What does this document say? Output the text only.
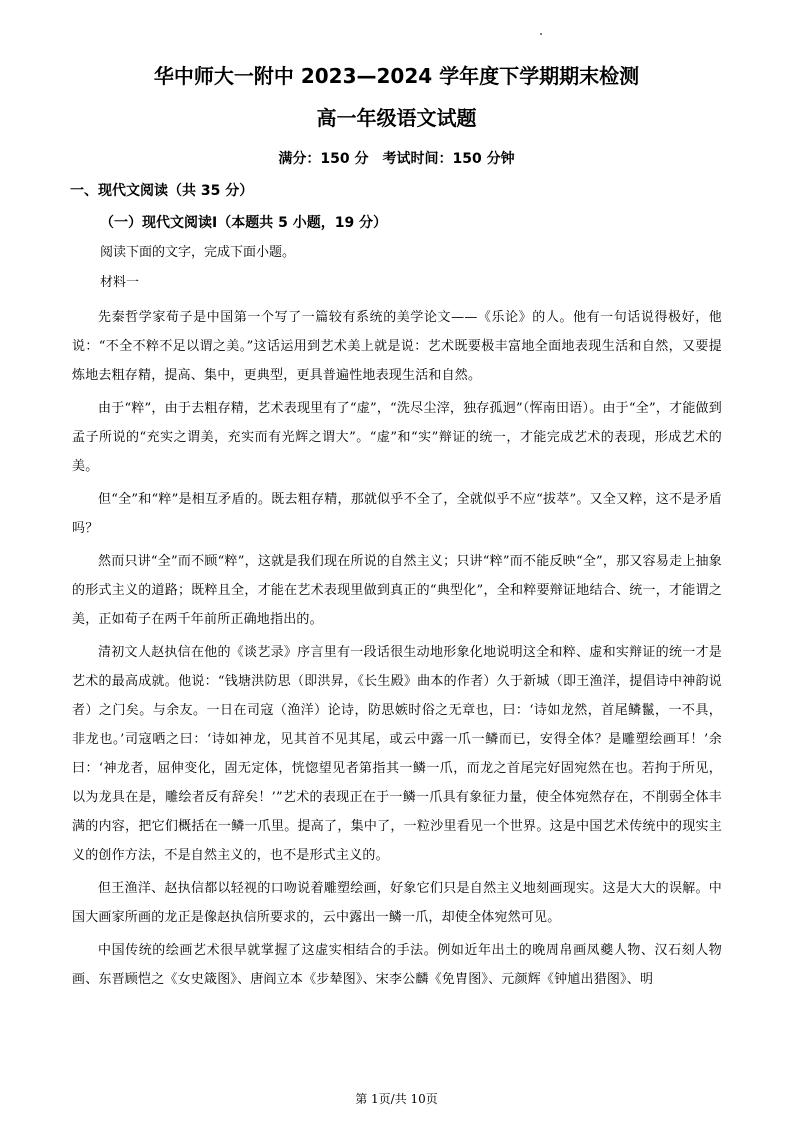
华中师大一附中 2023—2024 学年度下学期期末检测
高一年级语文试题

满分：150 分　考试时间：150 分钟

一、现代文阅读（共 35 分）

（一）现代文阅读Ⅰ（本题共 5 小题，19 分）

阅读下面的文字，完成下面小题。

材料一

先秦哲学家荀子是中国第一个写了一篇较有系统的美学论文——《乐论》的人。他有一句话说得极好，他说：“不全不粹不足以谓之美。”这话运用到艺术美上就是说：艺术既要极丰富地全面地表现生活和自然，又要提炼地去粗存精，提高、集中，更典型，更具普遍性地表现生活和自然。

由于“粹”，由于去粗存精，艺术表现里有了“虚”，“洗尽尘滓，独存孤迥”（恽南田语）。由于“全”，才能做到孟子所说的“充实之谓美，充实而有光辉之谓大”。“虚”和“实”辩证的统一，才能完成艺术的表现，形成艺术的美。

但“全”和“粹”是相互矛盾的。既去粗存精，那就似乎不全了，全就似乎不应“拔萃”。又全又粹，这不是矛盾吗？

然而只讲“全”而不顾“粹”，这就是我们现在所说的自然主义；只讲“粹”而不能反映“全”，那又容易走上抽象的形式主义的道路；既粹且全，才能在艺术表现里做到真正的“典型化”，全和粹要辩证地结合、统一，才能谓之美，正如荀子在两千年前所正确地指出的。

清初文人赵执信在他的《谈艺录》序言里有一段话很生动地形象化地说明这全和粹、虚和实辩证的统一才是艺术的最高成就。他说：“钱塘洪防思（即洪昇，《长生殿》曲本的作者）久于新城（即王渔洋，提倡诗中神韵说者）之门矣。与余友。一日在司寇（渔洋）论诗，防思嫉时俗之无章也，曰：‘诗如龙然，首尾鳞鬣，一不具，非龙也。’司寇哂之曰：‘诗如神龙，见其首不见其尾，或云中露一爪一鳞而已，安得全体？是雕塑绘画耳！’余曰：‘神龙者，屈伸变化，固无定体，恍惚望见者第指其一鳞一爪，而龙之首尾完好固宛然在也。若拘于所见，以为龙具在是，雕绘者反有辞矣！’”艺术的表现正在于一鳞一爪具有象征力量，使全体宛然存在，不削弱全体丰满的内容，把它们概括在一鳞一爪里。提高了，集中了，一粒沙里看见一个世界。这是中国艺术传统中的现实主义的创作方法，不是自然主义的，也不是形式主义的。

但王渔洋、赵执信都以轻视的口吻说着雕塑绘画，好象它们只是自然主义地刻画现实。这是大大的误解。中国大画家所画的龙正是像赵执信所要求的，云中露出一鳞一爪，却使全体宛然可见。

中国传统的绘画艺术很早就掌握了这虚实相结合的手法。例如近年出土的晚周帛画凤夔人物、汉石刻人物画、东晋顾恺之《女史箴图》、唐阎立本《步辇图》、宋李公麟《免胄图》、元颜辉《钟馗出猎图》、明

第 1页/共 10页
